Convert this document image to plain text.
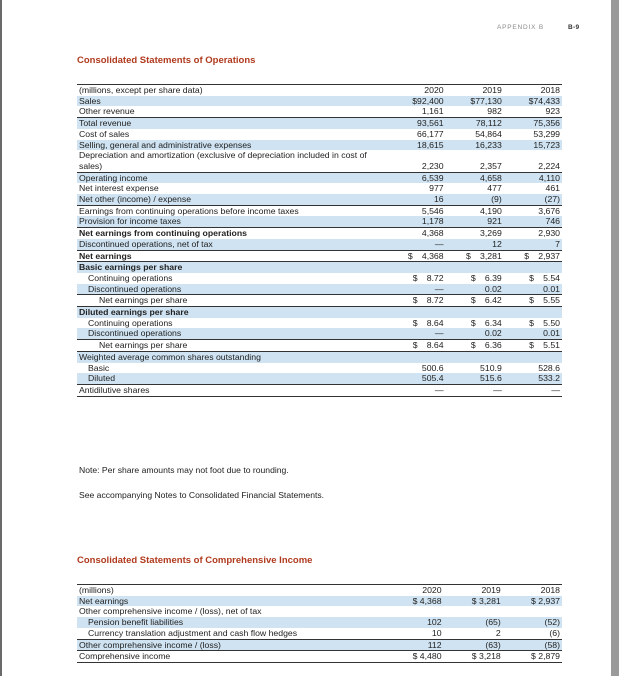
APPENDIX B	B-9
Consolidated Statements of Operations
(millions, except per share data)	2020	2019	2018
Sales	$92,400	$77,130	$74,433
Other revenue	1,161	982	923
Total revenue	93,561	78,112	75,356
Cost of sales	66,177	54,864	53,299
Selling, general and administrative expenses	18,615	16,233	15,723
Depreciation and amortization (exclusive of depreciation included in cost of sales)	2,230	2,357	2,224
Operating income	6,539	4,658	4,110
Net interest expense	977	477	461
Net other (income) / expense	16	(9)	(27)
Earnings from continuing operations before income taxes	5,546	4,190	3,676
Provision for income taxes	1,178	921	746
Net earnings from continuing operations	4,368	3,269	2,930
Discontinued operations, net of tax	—	12	7
Net earnings	$ 4,368	$ 3,281	$ 2,937
Basic earnings per share			
Continuing operations	$ 8.72	$ 6.39	$ 5.54
Discontinued operations	—	0.02	0.01
Net earnings per share	$ 8.72	$ 6.42	$ 5.55
Diluted earnings per share			
Continuing operations	$ 8.64	$ 6.34	$ 5.50
Discontinued operations	—	0.02	0.01
Net earnings per share	$ 8.64	$ 6.36	$ 5.51
Weighted average common shares outstanding			
Basic	500.6	510.9	528.6
Diluted	505.4	515.6	533.2
Antidilutive shares	—	—	—
Note: Per share amounts may not foot due to rounding.
See accompanying Notes to Consolidated Financial Statements.
Consolidated Statements of Comprehensive Income
(millions)	2020	2019	2018
Net earnings	$ 4,368	$ 3,281	$ 2,937
Other comprehensive income / (loss), net of tax			
Pension benefit liabilities	102	(65)	(52)
Currency translation adjustment and cash flow hedges	10	2	(6)
Other comprehensive income / (loss)	112	(63)	(58)
Comprehensive income	$ 4,480	$ 3,218	$ 2,879
